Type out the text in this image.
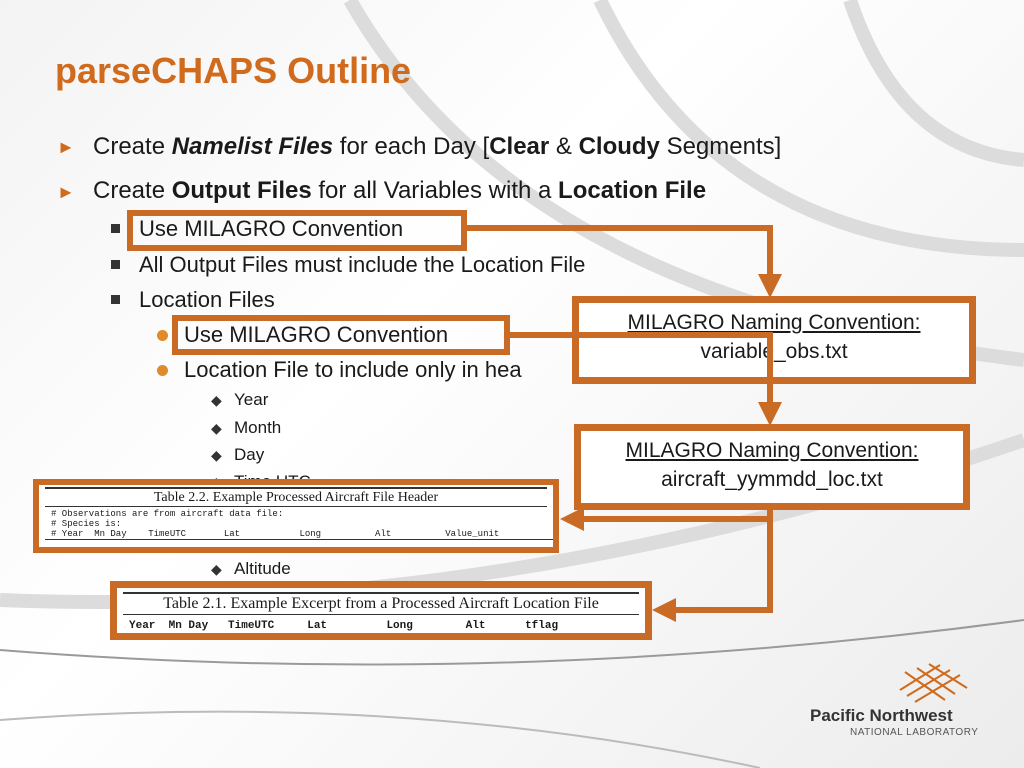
parseCHAPS Outline
► Create Namelist Files for each Day [Clear & Cloudy Segments]
► Create Output Files for all Variables with a Location File
Use MILAGRO Convention
All Output Files must include the Location File
Location Files
Use MILAGRO Convention
Location File to include only in hea
◆ Year
◆ Month
◆ Day
◆ Altitude
MILAGRO Naming Convention:
variable_obs.txt
MILAGRO Naming Convention:
aircraft_yymmdd_loc.txt
Table 2.2. Example Processed Aircraft File Header
# Observations are from aircraft data file:
# Species is:
# Year  Mn Day    TimeUTC       Lat           Long          Alt          Value_unit
Table 2.1. Example Excerpt from a Processed Aircraft Location File
Year  Mn Day   TimeUTC     Lat         Long        Alt      tflag
Pacific Northwest
NATIONAL LABORATORY
